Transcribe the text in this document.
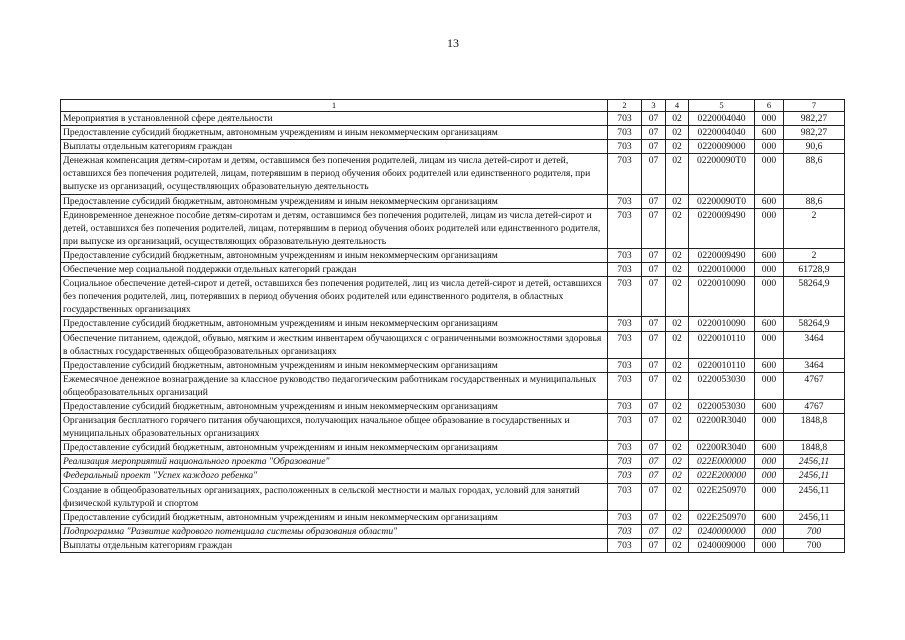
13
1	2	3	4	5	6	7
Мероприятия в установленной сфере деятельности	703	07	02	0220004040	000	982,27
Предоставление субсидий бюджетным, автономным учреждениям и иным некоммерческим организациям	703	07	02	0220004040	600	982,27
Выплаты отдельным категориям граждан	703	07	02	0220009000	000	90,6
Денежная компенсация детям-сиротам и детям, оставшимся без попечения родителей, лицам из числа детей-сирот и детей, оставшихся без попечения родителей, лицам, потерявшим в период обучения обоих родителей или единственного родителя, при выпуске из организаций, осуществляющих образовательную деятельность	703	07	02	02200090Т0	000	88,6
Предоставление субсидий бюджетным, автономным учреждениям и иным некоммерческим организациям	703	07	02	02200090Т0	600	88,6
Единовременное денежное пособие детям-сиротам и детям, оставшимся без попечения родителей, лицам из числа детей-сирот и детей, оставшихся без попечения родителей, лицам, потерявшим в период обучения обоих родителей или единственного родителя, при выпуске из организаций, осуществляющих образовательную деятельность	703	07	02	0220009490	000	2
Предоставление субсидий бюджетным, автономным учреждениям и иным некоммерческим организациям	703	07	02	0220009490	600	2
Обеспечение мер социальной поддержки отдельных категорий граждан	703	07	02	0220010000	000	61728,9
Социальное обеспечение детей-сирот и детей, оставшихся без попечения родителей, лиц из числа детей-сирот и детей, оставшихся без попечения родителей, лиц, потерявших в период обучения обоих родителей или единственного родителя, в областных государственных организациях	703	07	02	0220010090	000	58264,9
Предоставление субсидий бюджетным, автономным учреждениям и иным некоммерческим организациям	703	07	02	0220010090	600	58264,9
Обеспечение питанием, одеждой, обувью, мягким и жестким инвентарем обучающихся с ограниченными возможностями здоровья в областных государственных общеобразовательных организациях	703	07	02	0220010110	000	3464
Предоставление субсидий бюджетным, автономным учреждениям и иным некоммерческим организациям	703	07	02	0220010110	600	3464
Ежемесячное денежное вознаграждение за классное руководство педагогическим работникам государственных и муниципальных общеобразовательных организаций	703	07	02	0220053030	000	4767
Предоставление субсидий бюджетным, автономным учреждениям и иным некоммерческим организациям	703	07	02	0220053030	600	4767
Организация бесплатного горячего питания обучающихся, получающих начальное общее образование в государственных и муниципальных образовательных организациях	703	07	02	02200R3040	000	1848,8
Предоставление субсидий бюджетным, автономным учреждениям и иным некоммерческим организациям	703	07	02	02200R3040	600	1848,8
Реализация мероприятий национального проекта "Образование"	703	07	02	022E000000	000	2456,11
Федеральный проект "Успех каждого ребенка"	703	07	02	022E200000	000	2456,11
Создание в общеобразовательных организациях, расположенных в сельской местности и малых городах, условий для занятий физической культурой и спортом	703	07	02	022E250970	000	2456,11
Предоставление субсидий бюджетным, автономным учреждениям и иным некоммерческим организациям	703	07	02	022E250970	600	2456,11
Подпрограмма "Развитие кадрового потенциала системы образования области"	703	07	02	0240000000	000	700
Выплаты отдельным категориям граждан	703	07	02	0240009000	000	700
